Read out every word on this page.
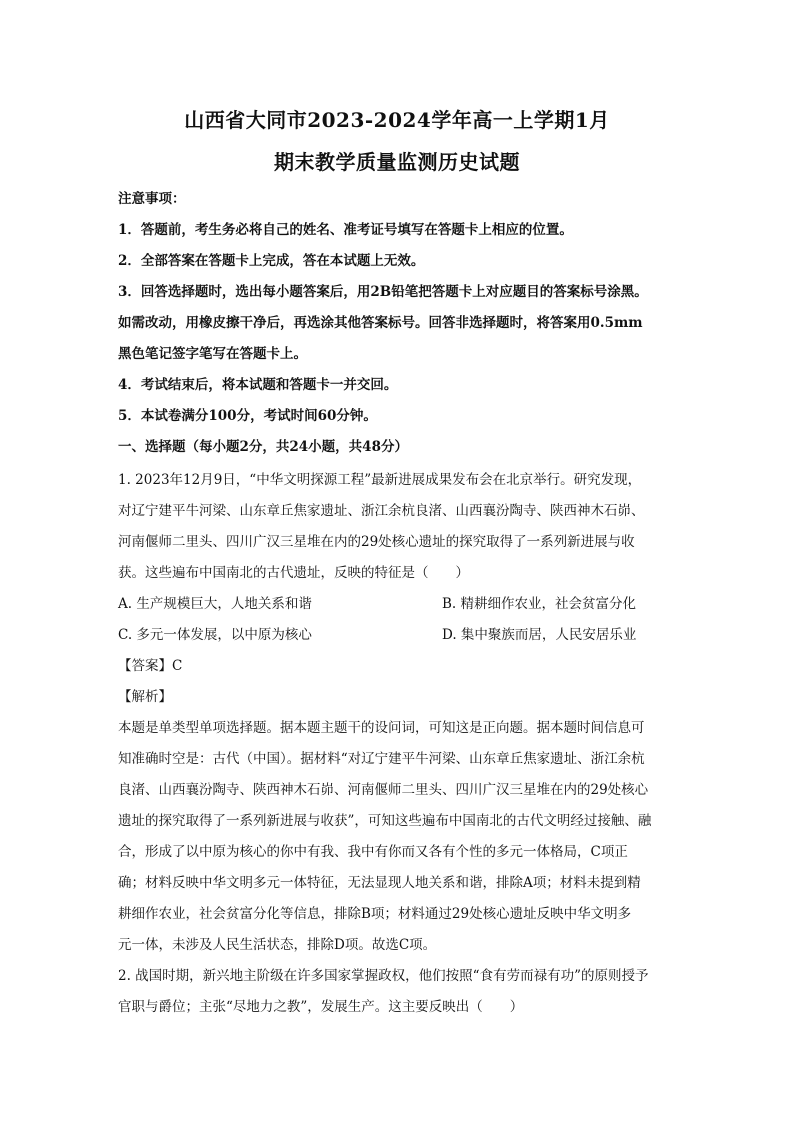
山西省大同市2023-2024学年高一上学期1月
期末教学质量监测历史试题
注意事项：
1．答题前，考生务必将自己的姓名、准考证号填写在答题卡上相应的位置。
2．全部答案在答题卡上完成，答在本试题上无效。
3．回答选择题时，选出每小题答案后，用2B铅笔把答题卡上对应题目的答案标号涂黑。
如需改动，用橡皮擦干净后，再选涂其他答案标号。回答非选择题时，将答案用0.5mm
黑色笔记签字笔写在答题卡上。
4．考试结束后，将本试题和答题卡一并交回。
5．本试卷满分100分，考试时间60分钟。
一、选择题（每小题2分，共24小题，共48分）
1. 2023年12月9日，“中华文明探源工程”最新进展成果发布会在北京举行。研究发现，
对辽宁建平牛河梁、山东章丘焦家遗址、浙江余杭良渚、山西襄汾陶寺、陕西神木石峁、
河南偃师二里头、四川广汉三星堆在内的29处核心遗址的探究取得了一系列新进展与收
获。这些遍布中国南北的古代遗址，反映的特征是（　　）
A. 生产规模巨大，人地关系和谐	B. 精耕细作农业，社会贫富分化
C. 多元一体发展，以中原为核心	D. 集中聚族而居，人民安居乐业
【答案】C
【解析】
本题是单类型单项选择题。据本题主题干的设问词，可知这是正向题。据本题时间信息可
知准确时空是：古代（中国）。据材料“对辽宁建平牛河梁、山东章丘焦家遗址、浙江余杭
良渚、山西襄汾陶寺、陕西神木石峁、河南偃师二里头、四川广汉三星堆在内的29处核心
遗址的探究取得了一系列新进展与收获”，可知这些遍布中国南北的古代文明经过接触、融
合，形成了以中原为核心的你中有我、我中有你而又各有个性的多元一体格局，C项正
确；材料反映中华文明多元一体特征，无法显现人地关系和谐，排除A项；材料未提到精
耕细作农业，社会贫富分化等信息，排除B项；材料通过29处核心遗址反映中华文明多
元一体，未涉及人民生活状态，排除D项。故选C项。
2. 战国时期，新兴地主阶级在许多国家掌握政权，他们按照“食有劳而禄有功”的原则授予
官职与爵位；主张“尽地力之教”，发展生产。这主要反映出（　　）
